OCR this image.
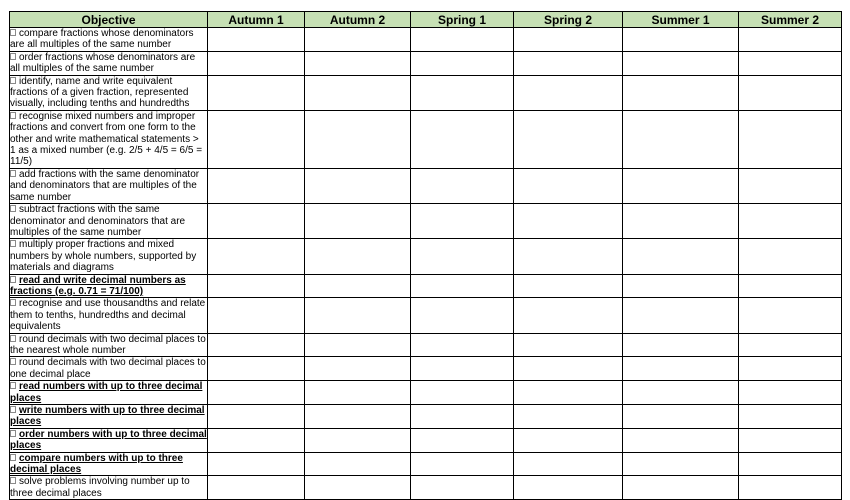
Objective	Autumn 1	Autumn 2	Spring 1	Spring 2	Summer 1	Summer 2
compare fractions whose denominators are all multiples of the same number						
order fractions whose denominators are all multiples of the same number						
identify, name and write equivalent fractions of a given fraction, represented visually, including tenths and hundredths						
recognise mixed numbers and improper fractions and convert from one form to the other and write mathematical statements > 1 as a mixed number (e.g. 2/5 + 4/5 = 6/5 = 11/5)						
add fractions with the same denominator and denominators that are multiples of the same number						
subtract fractions with the same denominator and denominators that are multiples of the same number						
multiply proper fractions and mixed numbers by whole numbers, supported by materials and diagrams						
read and write decimal numbers as fractions (e.g. 0.71 = 71/100)						
recognise and use thousandths and relate them to tenths, hundredths and decimal equivalents						
round decimals with two decimal places to the nearest whole number						
round decimals with two decimal places to one decimal place						
read numbers with up to three decimal places						
write numbers with up to three decimal places						
order numbers with up to three decimal places						
compare numbers with up to three decimal places						
solve problems involving number up to three decimal places						
